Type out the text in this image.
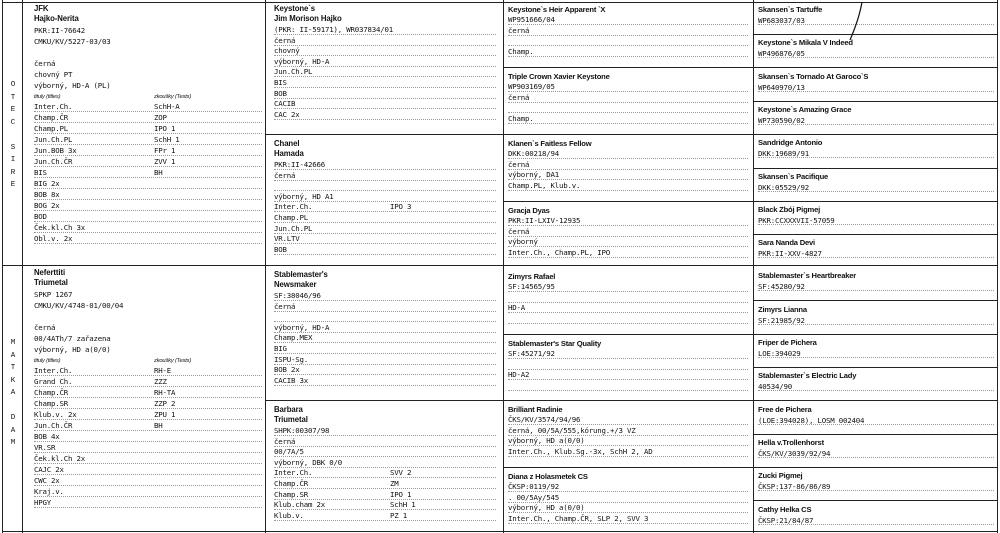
O
T
E
C
S
I
R
E
M
A
T
K
A
D
A
M
JFK
Hajko-Nerita
PKR:II-76642
CMKU/KV/5227-03/03
černá
chovný PT
výborný, HD-A (PL)
tituly (titles)	zkoušky (Tests)
Inter.Ch.
Champ.ČR
Champ.PL
Jun.Ch.PL
Jun.BOB 3x
Jun.Ch.ČR
BIS
BIG 2x
BOB 8x
BOG 2x
BOD
Ček.kl.Ch 3x
Obl.v. 2x
SchH-A
ZOP
IPO 1
SchH 1
FPr 1
ZVV 1
BH
Neferttiti
Triumetal
SPKP 1267
CMKU/KV/4748-01/00/04
černá
00/4ATh/7 zařazena
výborný, HD a(0/0)
tituly (titles)	zkoušky (Tests)
Inter.Ch.
Grand Ch.
Champ.ČR
Champ.SR
Klub.v. 2x
Jun.Ch.ČR
BOB 4x
VR.SR
Ček.kl.Ch 2x
CAJC 2x
CWC 2x
Kraj.v.
HPGY
RH-E
ZZZ
RH-TA
ZZP 2
ZPU 1
BH
Keystone`s
Jim Morison Hajko
(PKR: II-59171), WR037834/01
černá
chovný
výborný, HD-A
Jun.Ch.PL
BIS
BOB
CACIB
CAC 2x
Chanel
Hamada
PKR:II-42666
černá
výborný, HD A1
Inter.Ch.
Champ.PL
Jun.Ch.PL
VR.LTV
BOB
IPO 3
Stablemaster's
Newsmaker
SF:38046/96
černá
výborný, HD-A
Champ.MEX
BIG
ISPU-Sg.
BOB 2x
CACIB 3x
Barbara
Triumetal
SHPK:00307/98
černá
00/7A/5
výborný, DBK 0/0
Inter.Ch.
Champ.ČR
Champ.SR
Klub.cham 2x
Klub.v.
SVV 2
ZM
IPO 1
SchH 1
PZ 1
Keystone`s Heir Apparent `X
WP951666/04
černá
Champ.
Triple Crown Xavier Keystone
WP903169/05
černá
Champ.
Klanen`s Faitless Fellow
DKK:00218/94
černá
výborný, DA1
Champ.PL, Klub.v.
Gracja Dyas
PKR:II-LXIV-12935
černá
výborný
Inter.Ch., Champ.PL, IPO
Zimyrs Rafael
SF:14565/95
HD-A
Stablemaster's Star Quality
SF:45271/92
HD-A2
Brilliant Radinie
ČKS/KV/3574/94/96
černá, 00/5A/555,kórung.+/3 VZ
výborný, HD a(0/0)
Inter.Ch., Klub.Sg.-3x, SchH 2, AD
Diana z Holasmetek CS
ČKSP:0119/92
. 00/5Ay/545
výborný, HD a(0/0)
Inter.Ch., Champ.ČR, SLP 2, SVV 3
Skansen`s Tartuffe
WP683037/03
Keystone`s Mikala V Indeed
WP496876/05
Skansen`s Tornado At Garoco`S
WP640970/13
Keystone`s Amazing Grace
WP730590/02
Sandridge Antonio
DKK:19689/91
Skansen`s Pacifique
DKK:05529/92
Black Zbój Pigmej
PKR:CCXXXVII-57059
Sara Nanda Devi
PKR:II-XXV-4827
Stablemaster`s Heartbreaker
SF:45280/92
Zimyrs Lianna
SF:21985/92
Friper de Pichera
LOE:394029
Stablemaster`s Electric Lady
40534/90
Free de Pichera
(LOE:394028), LOSM 002404
Hella v.Trollenhorst
ČKS/KV/3039/92/94
Zucki Pigmej
ČKSP:137-86/86/89
Cathy Helka CS
ČKSP:21/84/87
